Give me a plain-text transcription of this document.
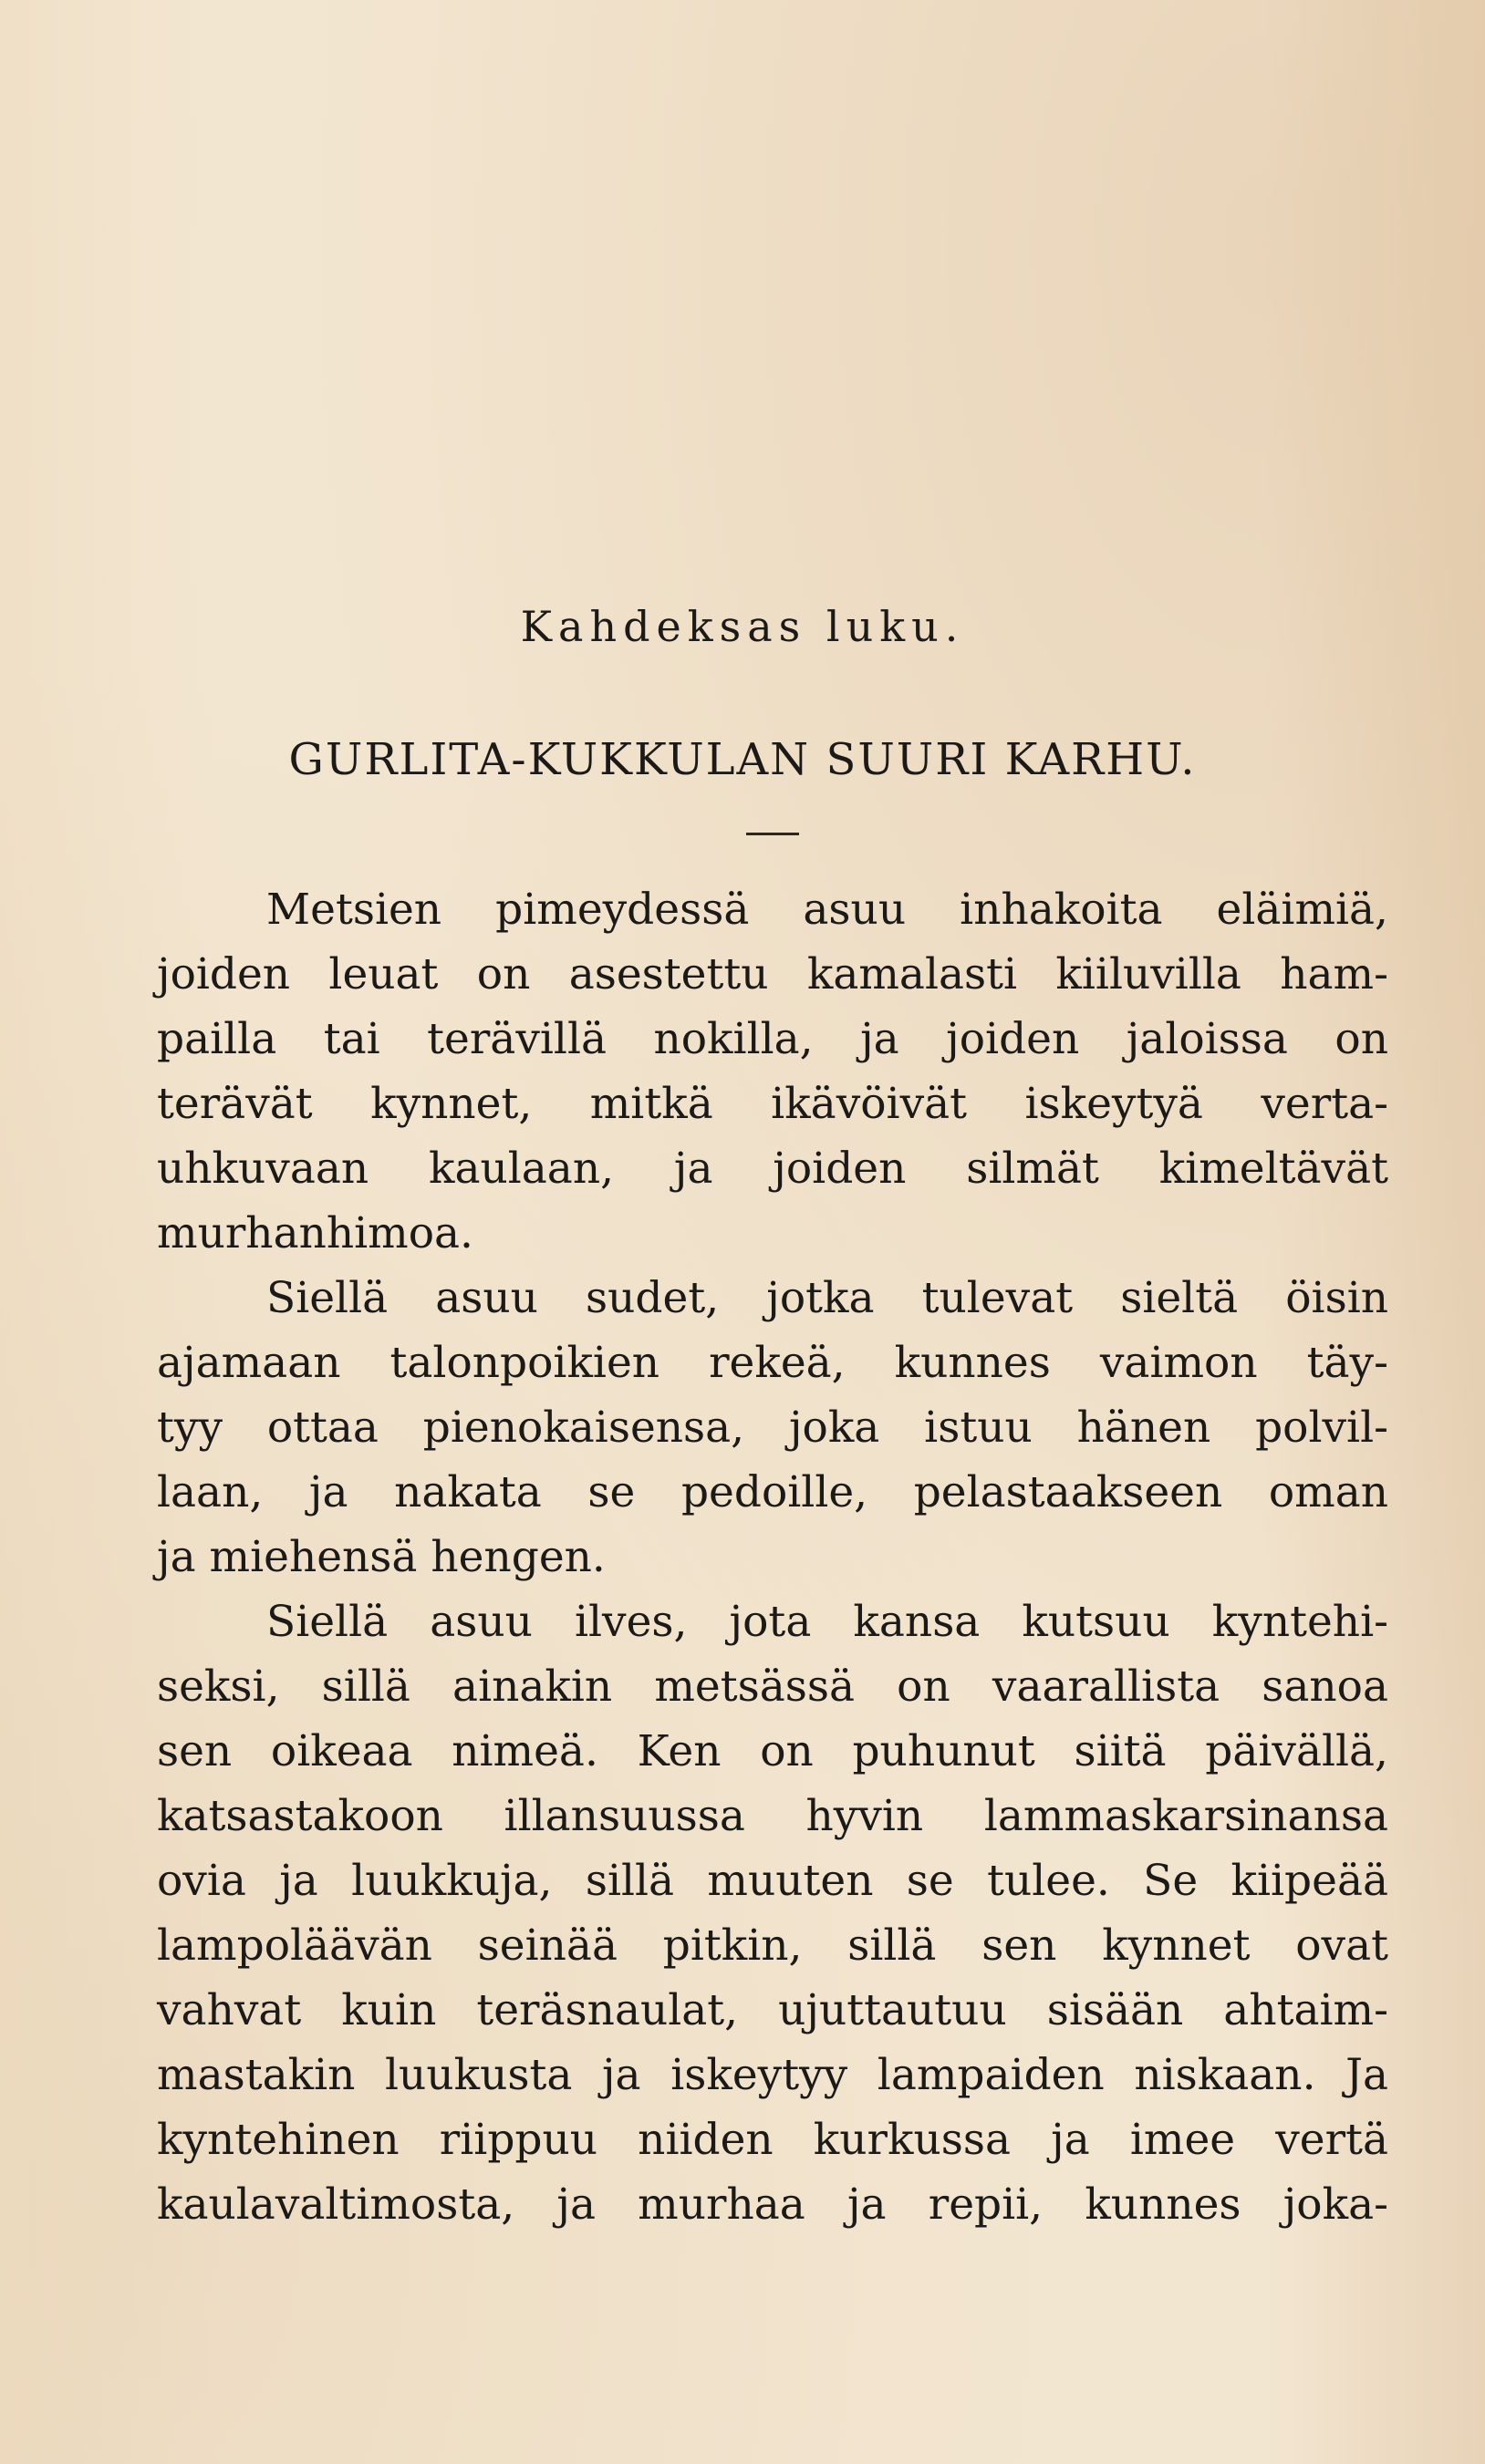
Kahdeksas luku.
GURLITA-KUKKULAN SUURI KARHU.

Metsien pimeydessä asuu inhakoita eläimiä,
joiden leuat on asestettu kamalasti kiiluvilla ham-
pailla tai terävillä nokilla, ja joiden jaloissa on
terävät kynnet, mitkä ikävöivät iskeytyä verta-
uhkuvaan kaulaan, ja joiden silmät kimeltävät
murhanhimoa.

Siellä asuu sudet, jotka tulevat sieltä öisin
ajamaan talonpoikien rekeä, kunnes vaimon täy-
tyy ottaa pienokaisensa, joka istuu hänen polvil-
laan, ja nakata se pedoille, pelastaakseen oman
ja miehensä hengen.

Siellä asuu ilves, jota kansa kutsuu kyntehi-
seksi, sillä ainakin metsässä on vaarallista sanoa
sen oikeaa nimeä. Ken on puhunut siitä päivällä,
katsastakoon illansuussa hyvin lammaskarsinansa
ovia ja luukkuja, sillä muuten se tulee. Se kiipeää
lampoläävän seinää pitkin, sillä sen kynnet ovat
vahvat kuin teräsnaulat, ujuttautuu sisään ahtaim-
mastakin luukusta ja iskeytyy lampaiden niskaan. Ja
kyntehinen riippuu niiden kurkussa ja imee vertä
kaulavaltimosta, ja murhaa ja repii, kunnes joka-
